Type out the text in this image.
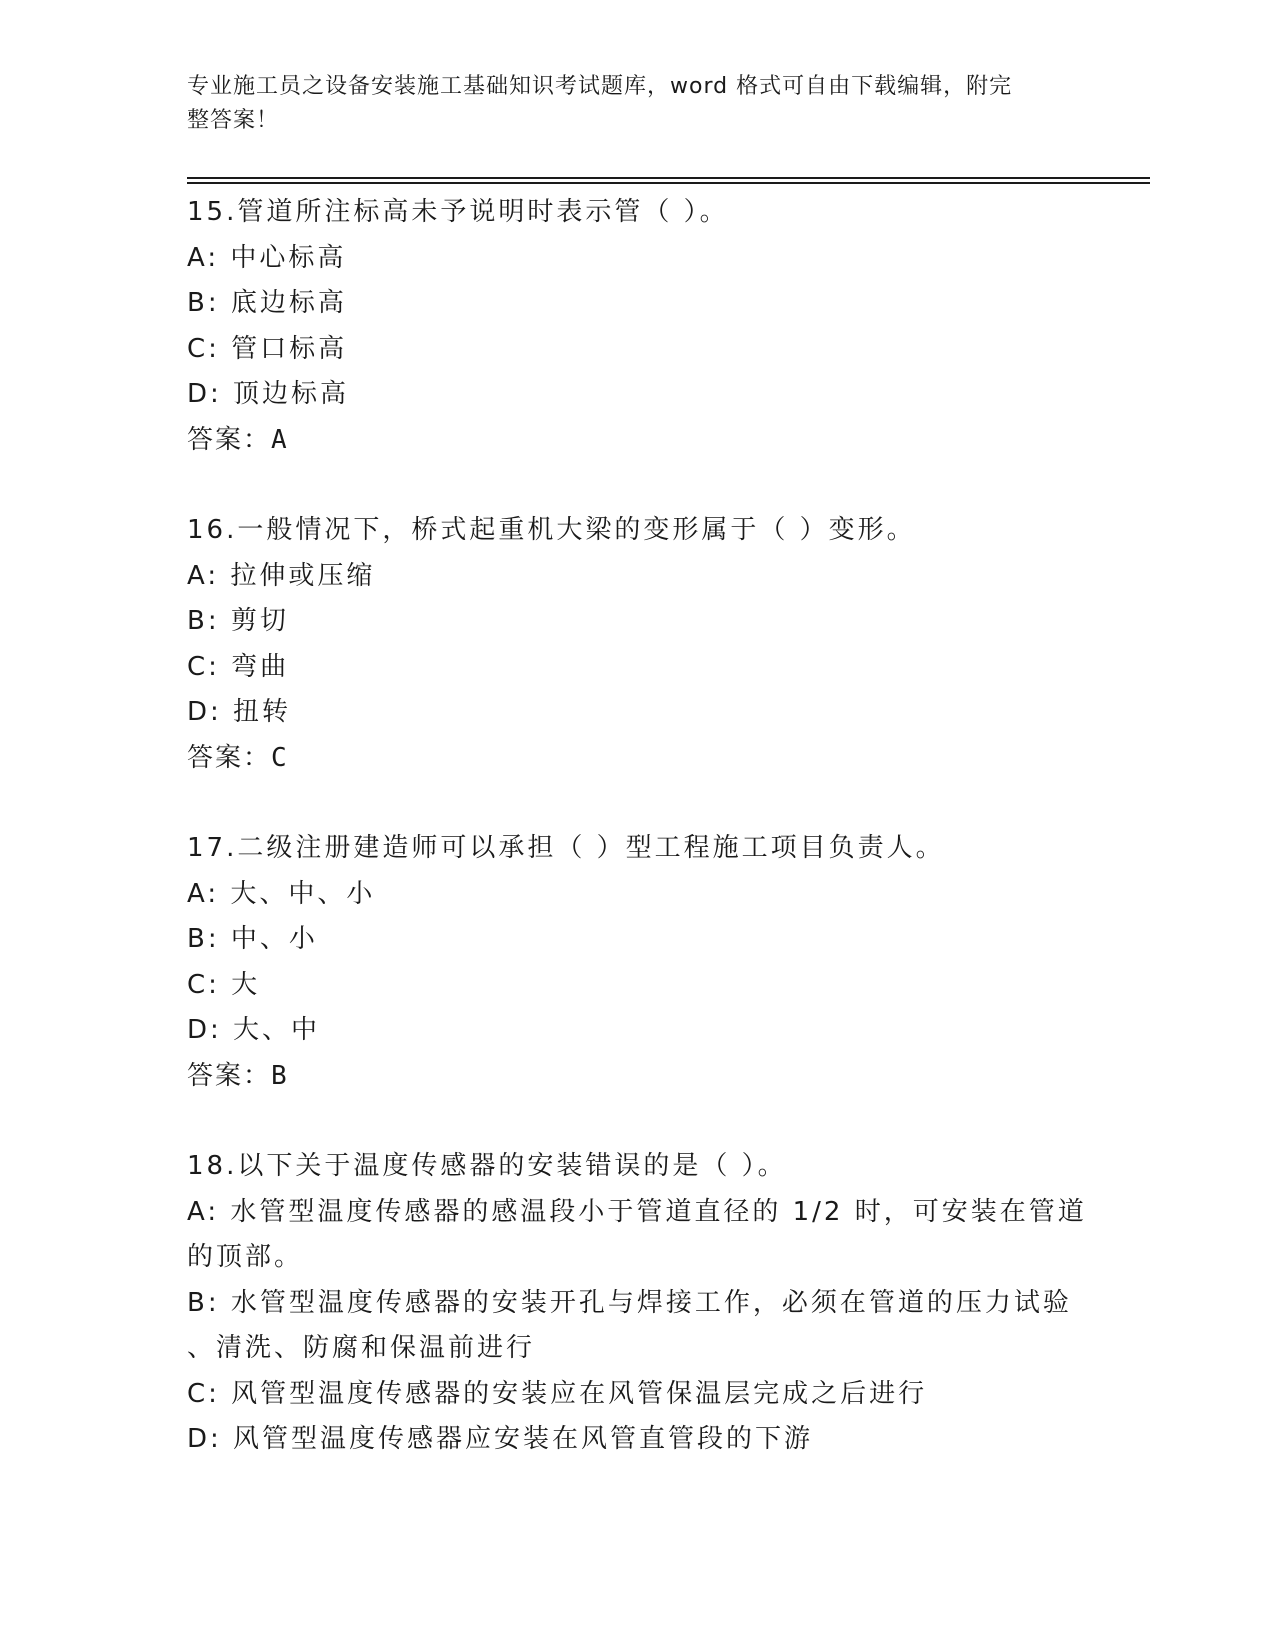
专业施工员之设备安装施工基础知识考试题库，word 格式可自由下载编辑，附完
整答案！
15.管道所注标高未予说明时表示管（ ）。
A: 中心标高
B: 底边标高
C: 管口标高
D: 顶边标高
答案：A
16.一般情况下，桥式起重机大梁的变形属于（ ）变形。
A: 拉伸或压缩
B: 剪切
C: 弯曲
D: 扭转
答案：C
17.二级注册建造师可以承担（ ）型工程施工项目负责人。
A: 大、中、小
B: 中、小
C: 大
D: 大、中
答案：B
18.以下关于温度传感器的安装错误的是（ ）。
A: 水管型温度传感器的感温段小于管道直径的 1/2 时，可安装在管道
的顶部。
B: 水管型温度传感器的安装开孔与焊接工作，必须在管道的压力试验
、清洗、防腐和保温前进行
C: 风管型温度传感器的安装应在风管保温层完成之后进行
D: 风管型温度传感器应安装在风管直管段的下游
